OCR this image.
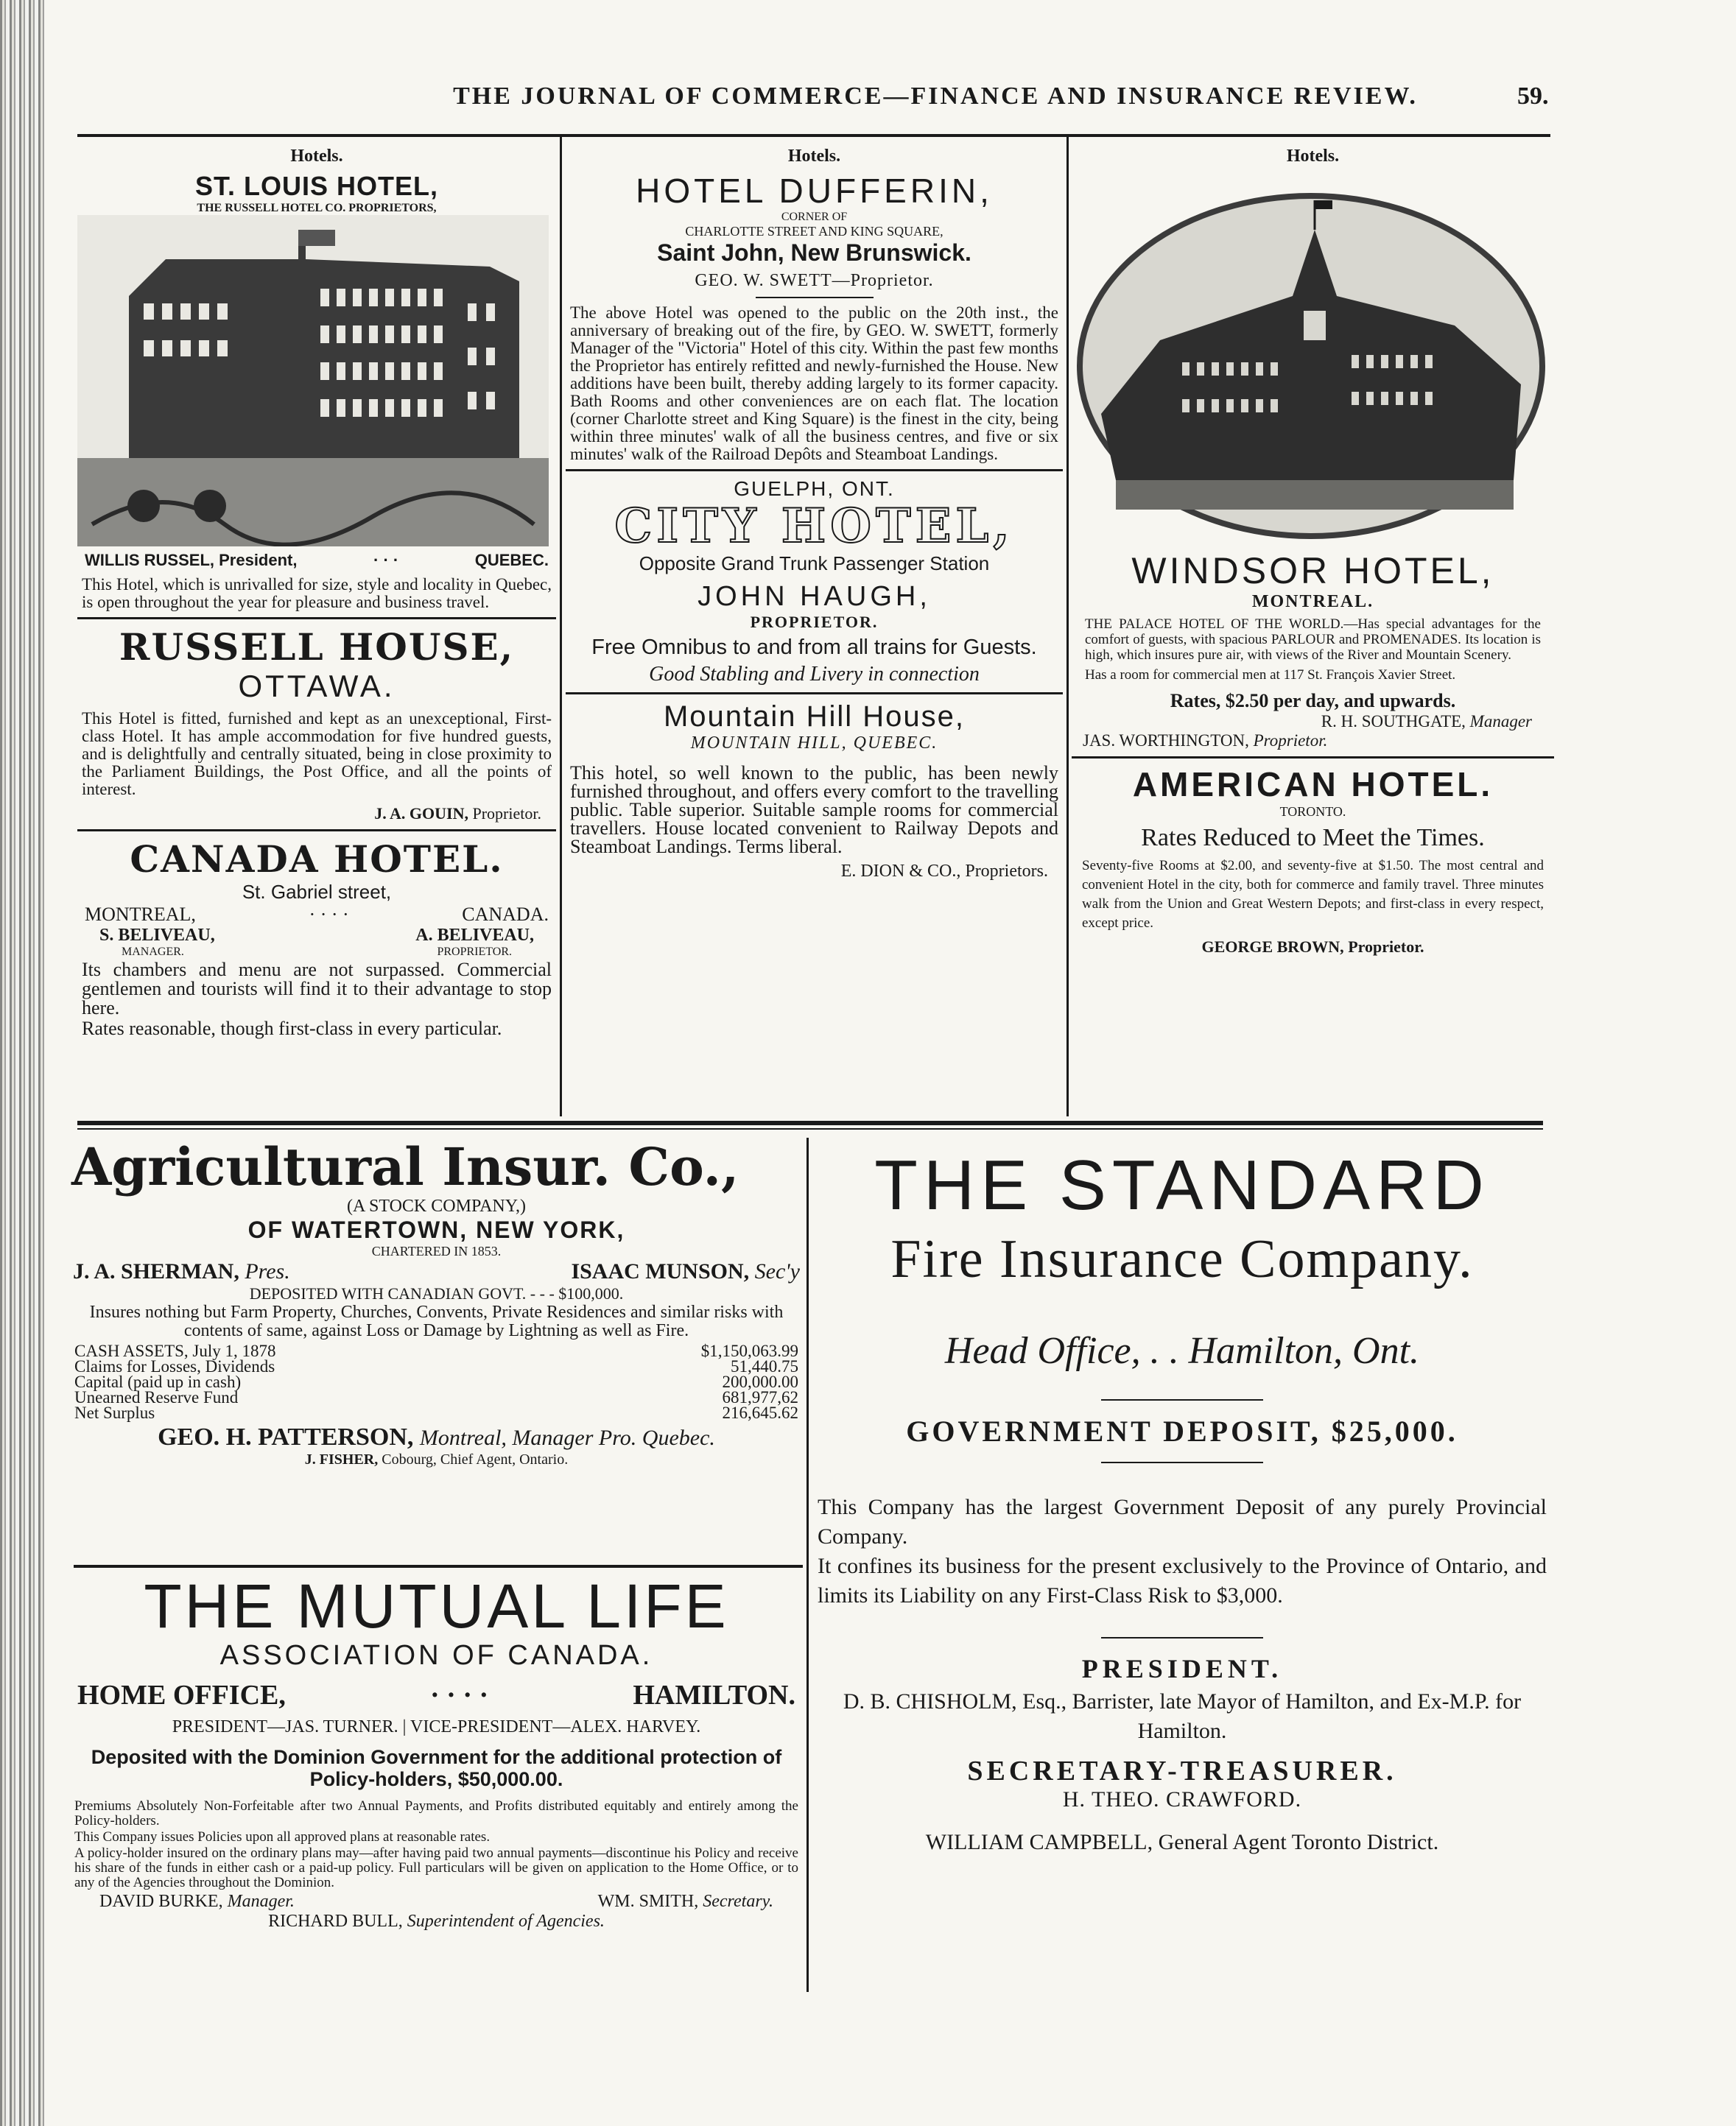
THE JOURNAL OF COMMERCE—FINANCE AND INSURANCE REVIEW.	59.
Hotels.
ST. LOUIS HOTEL,
THE RUSSELL HOTEL CO. PROPRIETORS,
WILLIS RUSSEL, President,	· · ·	QUEBEC.
This Hotel, which is unrivalled for size, style and locality in Quebec, is open throughout the year for pleasure and business travel.
RUSSELL HOUSE,
OTTAWA.
This Hotel is fitted, furnished and kept as an unexceptional, First-class Hotel. It has ample accommodation for five hundred guests, and is delightfully and centrally situated, being in close proximity to the Parliament Buildings, the Post Office, and all the points of interest.
J. A. GOUIN, Proprietor.
CANADA HOTEL.
St. Gabriel street,
MONTREAL,	· · · ·	CANADA.
S. BELIVEAU,	A. BELIVEAU,
MANAGER.	PROPRIETOR.
Its chambers and menu are not surpassed. Commercial gentlemen and tourists will find it to their advantage to stop here.
Rates reasonable, though first-class in every particular.
Hotels.
HOTEL DUFFERIN,
CORNER OF
CHARLOTTE STREET AND KING SQUARE,
Saint John, New Brunswick.
GEO. W. SWETT—Proprietor.
The above Hotel was opened to the public on the 20th inst., the anniversary of breaking out of the fire, by GEO. W. SWETT, formerly Manager of the "Victoria" Hotel of this city. Within the past few months the Proprietor has entirely refitted and newly-furnished the House. New additions have been built, thereby adding largely to its former capacity. Bath Rooms and other conveniences are on each flat. The location (corner Charlotte street and King Square) is the finest in the city, being within three minutes' walk of all the business centres, and five or six minutes' walk of the Railroad Depôts and Steamboat Landings.
GUELPH, ONT.
CITY HOTEL,
Opposite Grand Trunk Passenger Station
JOHN HAUGH,
PROPRIETOR.
Free Omnibus to and from all trains for Guests.
Good Stabling and Livery in connection
Mountain Hill House,
MOUNTAIN HILL, QUEBEC.
This hotel, so well known to the public, has been newly furnished throughout, and offers every comfort to the travelling public. Table superior. Suitable sample rooms for commercial travellers. House located convenient to Railway Depots and Steamboat Landings. Terms liberal.
E. DION & CO., Proprietors.
Hotels.
WINDSOR HOTEL,
MONTREAL.
THE PALACE HOTEL OF THE WORLD.—Has special advantages for the comfort of guests, with spacious PARLOUR and PROMENADES. Its location is high, which insures pure air, with views of the River and Mountain Scenery.
Has a room for commercial men at 117 St. François Xavier Street.
Rates, $2.50 per day, and upwards.
R. H. SOUTHGATE, Manager
JAS. WORTHINGTON, Proprietor.
AMERICAN HOTEL.
TORONTO.
Rates Reduced to Meet the Times.
Seventy-five Rooms at $2.00, and seventy-five at $1.50. The most central and convenient Hotel in the city, both for commerce and family travel. Three minutes walk from the Union and Great Western Depots; and first-class in every respect, except price.
GEORGE BROWN, Proprietor.
Agricultural Insur. Co.,
(A STOCK COMPANY,)
OF WATERTOWN, NEW YORK,
CHARTERED IN 1853.
J. A. SHERMAN, Pres.	ISAAC MUNSON, Sec'y
DEPOSITED WITH CANADIAN GOVT. - - - $100,000.
Insures nothing but Farm Property, Churches, Convents, Private Residences and similar risks with contents of same, against Loss or Damage by Lightning as well as Fire.
CASH ASSETS, July 1, 1878	$1,150,063.99
Claims for Losses, Dividends	51,440.75
Capital (paid up in cash)	200,000.00
Unearned Reserve Fund	681,977,62
Net Surplus	216,645.62
GEO. H. PATTERSON, Montreal, Manager Pro. Quebec.
J. FISHER, Cobourg, Chief Agent, Ontario.
THE MUTUAL LIFE
ASSOCIATION OF CANADA.
HOME OFFICE,	· · · ·	HAMILTON.
PRESIDENT—JAS. TURNER. | VICE-PRESIDENT—ALEX. HARVEY.
Deposited with the Dominion Government for the additional protection of Policy-holders, $50,000.00.
Premiums Absolutely Non-Forfeitable after two Annual Payments, and Profits distributed equitably and entirely among the Policy-holders.
This Company issues Policies upon all approved plans at reasonable rates.
A policy-holder insured on the ordinary plans may—after having paid two annual payments—discontinue his Policy and receive his share of the funds in either cash or a paid-up policy. Full particulars will be given on application to the Home Office, or to any of the Agencies throughout the Dominion.
DAVID BURKE, Manager.	WM. SMITH, Secretary.
RICHARD BULL, Superintendent of Agencies.
THE STANDARD
Fire Insurance Company.
Head Office, . . Hamilton, Ont.
GOVERNMENT DEPOSIT, $25,000.
This Company has the largest Government Deposit of any purely Provincial Company.
It confines its business for the present exclusively to the Province of Ontario, and limits its Liability on any First-Class Risk to $3,000.
PRESIDENT.
D. B. CHISHOLM, Esq., Barrister, late Mayor of Hamilton, and Ex-M.P. for Hamilton.
SECRETARY-TREASURER.
H. THEO. CRAWFORD.
WILLIAM CAMPBELL, General Agent Toronto District.
